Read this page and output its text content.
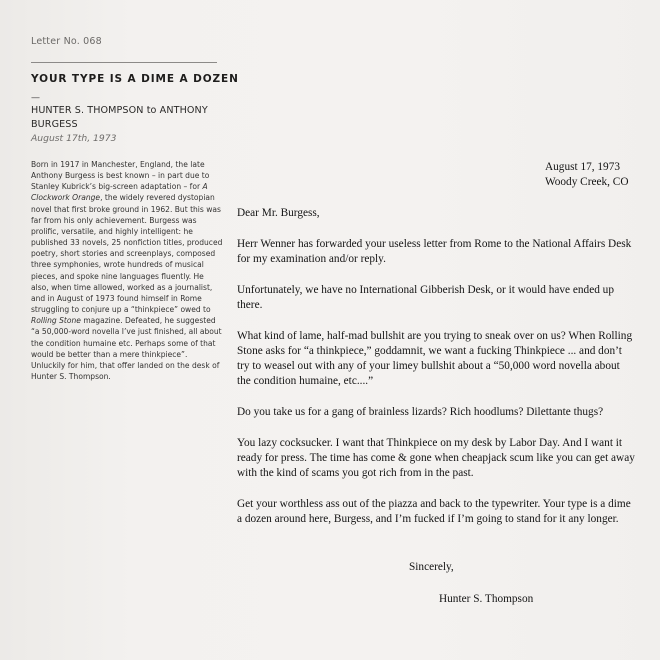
Letter No. 068
YOUR TYPE IS A DIME A DOZEN
—
HUNTER S. THOMPSON to ANTHONY BURGESS
August 17th, 1973

Born in 1917 in Manchester, England, the late Anthony Burgess is best known – in part due to Stanley Kubrick’s big-screen adaptation – for A Clockwork Orange, the widely revered dystopian novel that first broke ground in 1962. But this was far from his only achievement. Burgess was prolific, versatile, and highly intelligent: he published 33 novels, 25 nonfiction titles, produced poetry, short stories and screenplays, composed three symphonies, wrote hundreds of musical pieces, and spoke nine languages fluently. He also, when time allowed, worked as a journalist, and in August of 1973 found himself in Rome struggling to conjure up a “thinkpiece” owed to Rolling Stone magazine. Defeated, he suggested “a 50,000-word novella I’ve just finished, all about the condition humaine etc. Perhaps some of that would be better than a mere thinkpiece”. Unluckily for him, that offer landed on the desk of Hunter S. Thompson.

August 17, 1973
Woody Creek, CO

Dear Mr. Burgess,

Herr Wenner has forwarded your useless letter from Rome to the National Affairs Desk for my examination and/or reply.

Unfortunately, we have no International Gibberish Desk, or it would have ended up there.

What kind of lame, half-mad bullshit are you trying to sneak over on us? When Rolling Stone asks for “a thinkpiece,” goddamnit, we want a fucking Thinkpiece ... and don’t try to weasel out with any of your limey bullshit about a “50,000 word novella about the condition humaine, etc....”

Do you take us for a gang of brainless lizards? Rich hoodlums? Dilettante thugs?

You lazy cocksucker. I want that Thinkpiece on my desk by Labor Day. And I want it ready for press. The time has come & gone when cheapjack scum like you can get away with the kind of scams you got rich from in the past.

Get your worthless ass out of the piazza and back to the typewriter. Your type is a dime a dozen around here, Burgess, and I’m fucked if I’m going to stand for it any longer.

Sincerely,
Hunter S. Thompson
